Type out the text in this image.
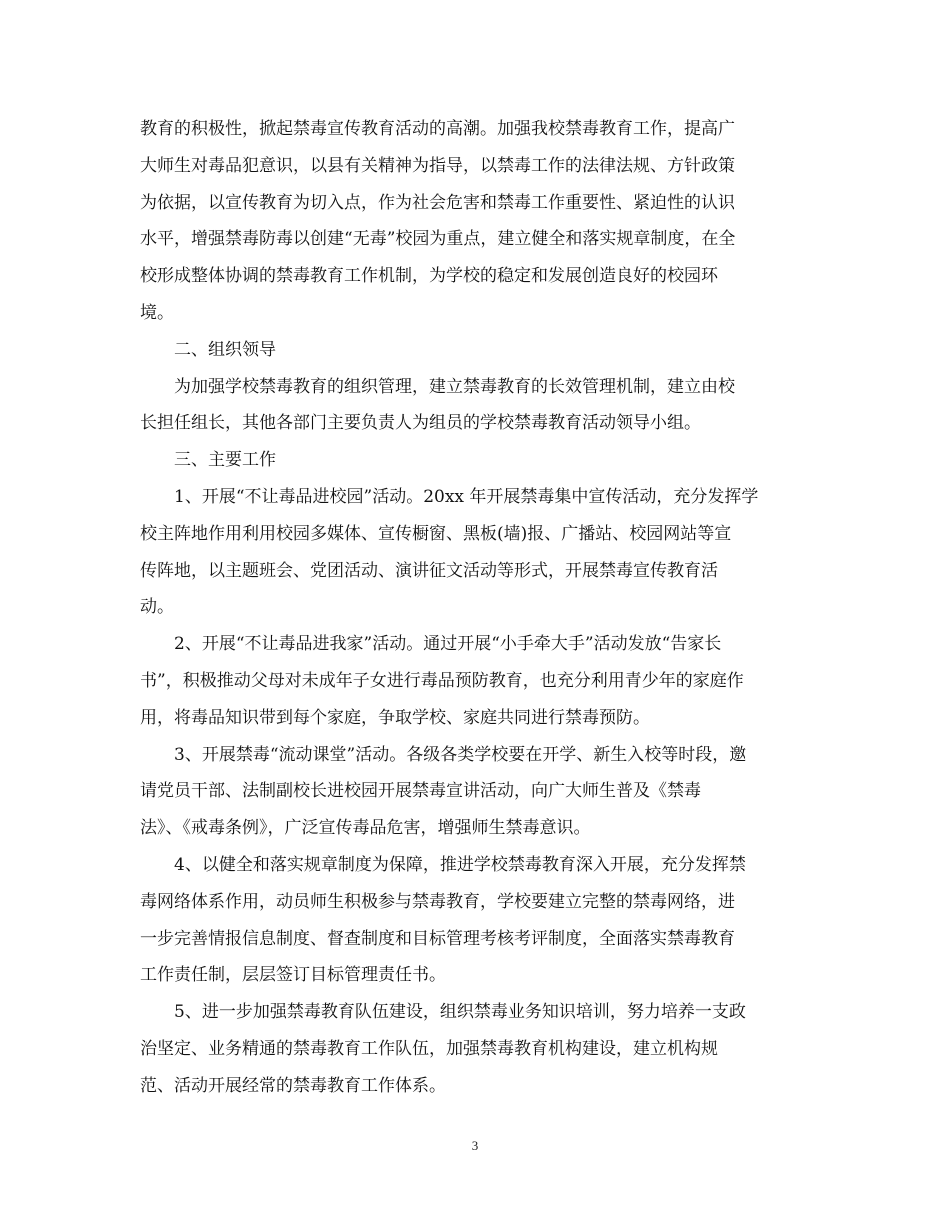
教育的积极性，掀起禁毒宣传教育活动的高潮。加强我校禁毒教育工作，提高广
大师生对毒品犯意识，以县有关精神为指导，以禁毒工作的法律法规、方针政策
为依据，以宣传教育为切入点，作为社会危害和禁毒工作重要性、紧迫性的认识
水平，增强禁毒防毒以创建“无毒”校园为重点，建立健全和落实规章制度，在全
校形成整体协调的禁毒教育工作机制，为学校的稳定和发展创造良好的校园环
境。

二、组织领导

为加强学校禁毒教育的组织管理，建立禁毒教育的长效管理机制，建立由校
长担任组长，其他各部门主要负责人为组员的学校禁毒教育活动领导小组。

三、主要工作

1、开展“不让毒品进校园”活动。20xx 年开展禁毒集中宣传活动，充分发挥学
校主阵地作用利用校园多媒体、宣传橱窗、黑板(墙)报、广播站、校园网站等宣
传阵地，以主题班会、党团活动、演讲征文活动等形式，开展禁毒宣传教育活
动。

2、开展“不让毒品进我家”活动。通过开展“小手牵大手”活动发放“告家长
书”，积极推动父母对未成年子女进行毒品预防教育，也充分利用青少年的家庭作
用，将毒品知识带到每个家庭，争取学校、家庭共同进行禁毒预防。

3、开展禁毒“流动课堂”活动。各级各类学校要在开学、新生入校等时段，邀
请党员干部、法制副校长进校园开展禁毒宣讲活动，向广大师生普及《禁毒
法》、《戒毒条例》，广泛宣传毒品危害，增强师生禁毒意识。

4、以健全和落实规章制度为保障，推进学校禁毒教育深入开展，充分发挥禁
毒网络体系作用，动员师生积极参与禁毒教育，学校要建立完整的禁毒网络，进
一步完善情报信息制度、督查制度和目标管理考核考评制度，全面落实禁毒教育
工作责任制，层层签订目标管理责任书。

5、进一步加强禁毒教育队伍建设，组织禁毒业务知识培训，努力培养一支政
治坚定、业务精通的禁毒教育工作队伍，加强禁毒教育机构建设，建立机构规
范、活动开展经常的禁毒教育工作体系。

3
